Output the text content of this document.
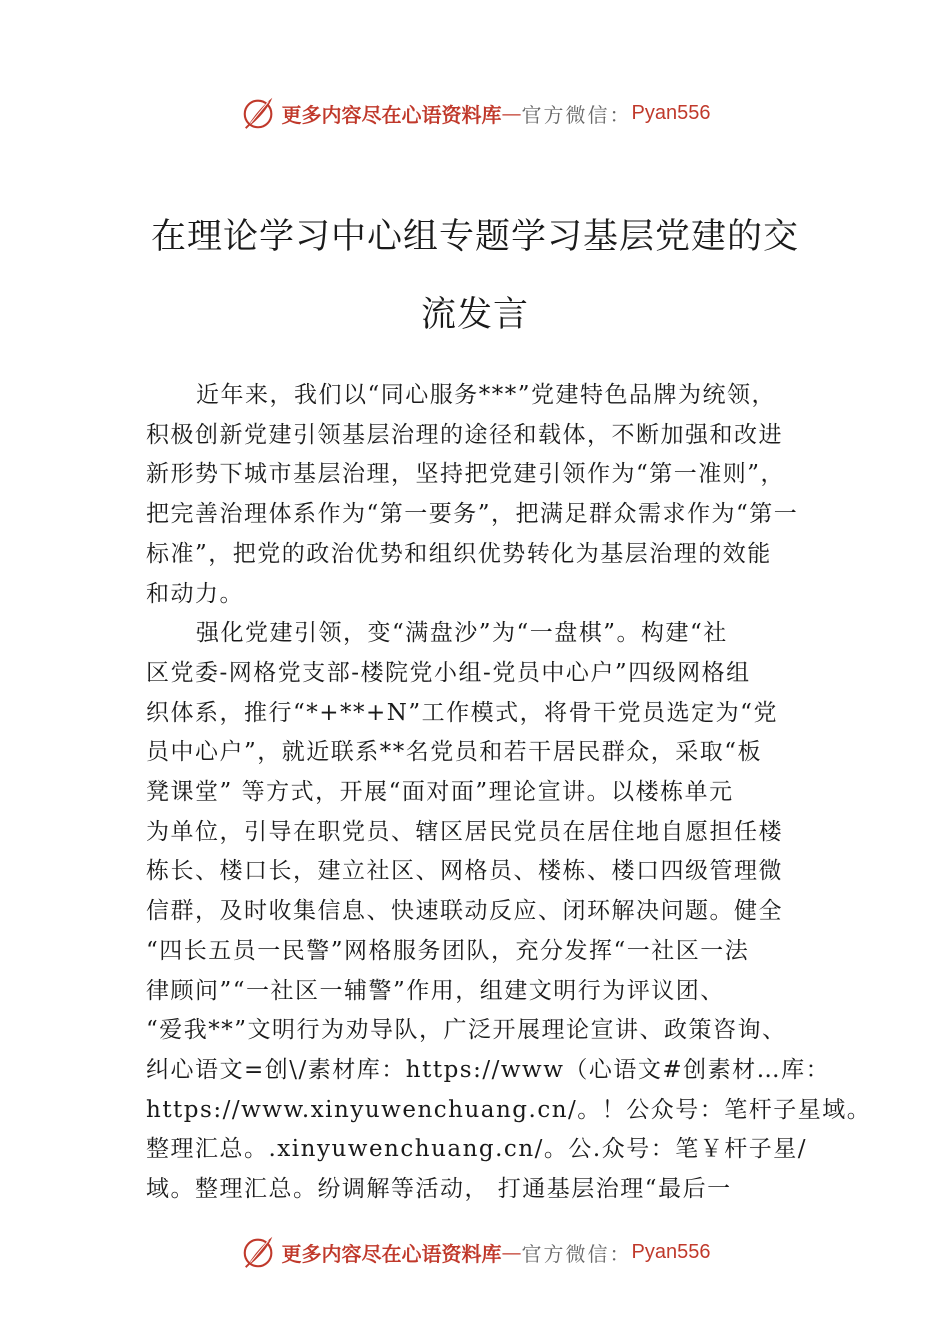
更多内容尽在心语资料库 — 官方微信： Pyan556
在理论学习中心组专题学习基层党建的交
流发言
近年来，我们以“同心服务***”党建特色品牌为统领，
积极创新党建引领基层治理的途径和载体，不断加强和改进
新形势下城市基层治理，坚持把党建引领作为“第一准则”，
把完善治理体系作为“第一要务”，把满足群众需求作为“第一
标准”，把党的政治优势和组织优势转化为基层治理的效能
和动力。
强化党建引领，变“满盘沙”为“一盘棋”。构建“社
区党委-网格党支部-楼院党小组-党员中心户”四级网格组
织体系，推行“*+**+N”工作模式，将骨干党员选定为“党
员中心户”，就近联系**名党员和若干居民群众，采取“板
凳课堂” 等方式，开展“面对面”理论宣讲。以楼栋单元
为单位，引导在职党员、辖区居民党员在居住地自愿担任楼
栋长、楼口长，建立社区、网格员、楼栋、楼口四级管理微
信群，及时收集信息、快速联动反应、闭环解决问题。健全
“四长五员一民警”网格服务团队，充分发挥“一社区一法
律顾问”“一社区一辅警”作用，组建文明行为评议团、
“爱我**”文明行为劝导队，广泛开展理论宣讲、政策咨询、
纠心语文=创\/素材库：https://www（心语文#创素材…库：
https://www.xinyuwenchuang.cn/。！公众号：笔杆子星域。
整理汇总。.xinyuwenchuang.cn/。公.众号：笔￥杆子星/
域。整理汇总。纷调解等活动， 打通基层治理“最后一
更多内容尽在心语资料库 — 官方微信： Pyan556
